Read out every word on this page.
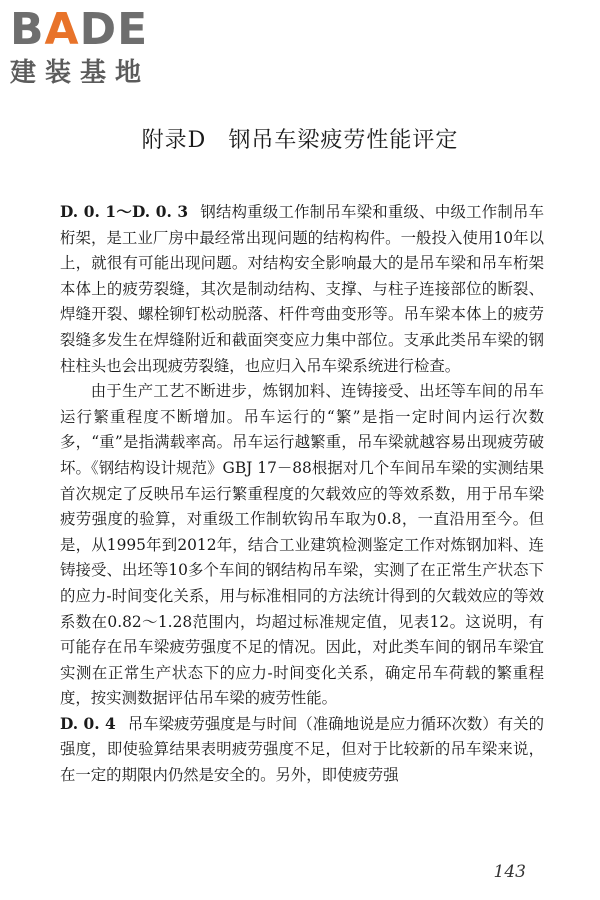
BADE
建装基地
附录D 钢吊车梁疲劳性能评定

D. 0. 1～D. 0. 3 钢结构重级工作制吊车梁和重级、中级工作制吊车桁架，是工业厂房中最经常出现问题的结构构件。一般投入使用10年以上，就很有可能出现问题。对结构安全影响最大的是吊车梁和吊车桁架本体上的疲劳裂缝，其次是制动结构、支撑、与柱子连接部位的断裂、焊缝开裂、螺栓铆钉松动脱落、杆件弯曲变形等。吊车梁本体上的疲劳裂缝多发生在焊缝附近和截面突变应力集中部位。支承此类吊车梁的钢柱柱头也会出现疲劳裂缝，也应归入吊车梁系统进行检查。

由于生产工艺不断进步，炼钢加料、连铸接受、出坯等车间的吊车运行繁重程度不断增加。吊车运行的“繁”是指一定时间内运行次数多，“重”是指满载率高。吊车运行越繁重，吊车梁就越容易出现疲劳破坏。《钢结构设计规范》GBJ 17－88根据对几个车间吊车梁的实测结果首次规定了反映吊车运行繁重程度的欠载效应的等效系数，用于吊车梁疲劳强度的验算，对重级工作制软钩吊车取为0.8，一直沿用至今。但是，从1995年到2012年，结合工业建筑检测鉴定工作对炼钢加料、连铸接受、出坯等10多个车间的钢结构吊车梁，实测了在正常生产状态下的应力-时间变化关系，用与标准相同的方法统计得到的欠载效应的等效系数在0.82～1.28范围内，均超过标准规定值，见表12。这说明，有可能存在吊车梁疲劳强度不足的情况。因此，对此类车间的钢吊车梁宜实测在正常生产状态下的应力-时间变化关系，确定吊车荷载的繁重程度，按实测数据评估吊车梁的疲劳性能。

D. 0. 4 吊车梁疲劳强度是与时间（准确地说是应力循环次数）有关的强度，即使验算结果表明疲劳强度不足，但对于比较新的吊车梁来说，在一定的期限内仍然是安全的。另外，即使疲劳强

143
